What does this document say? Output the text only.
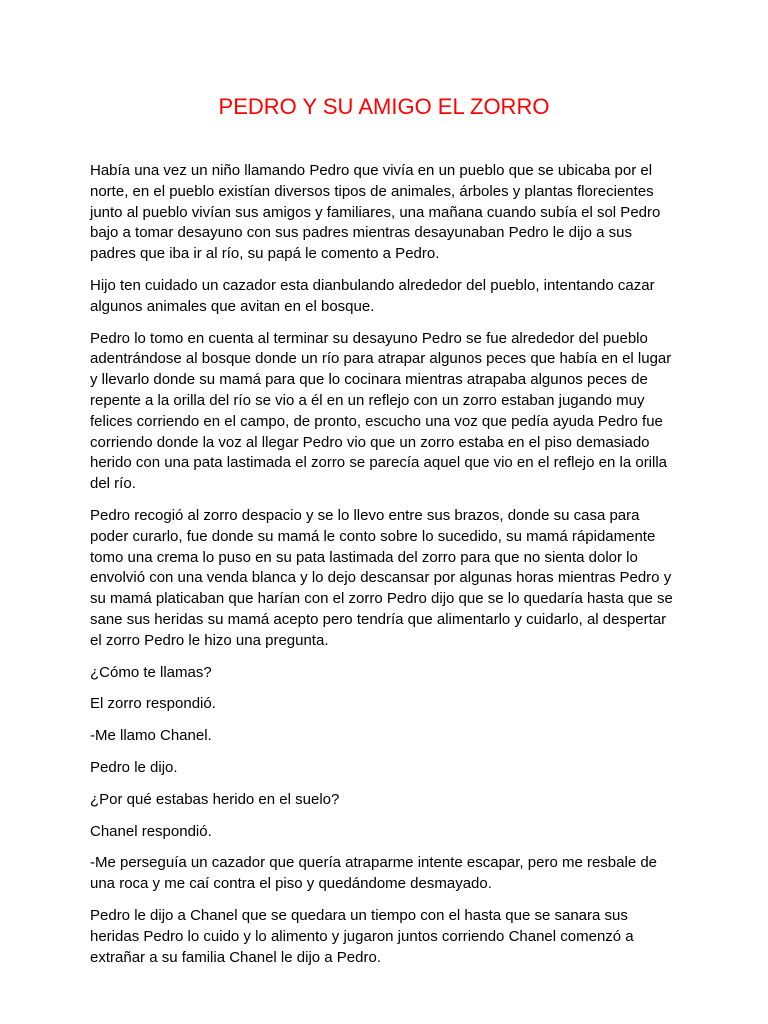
PEDRO Y SU AMIGO EL ZORRO

Había una vez un niño llamando Pedro que vivía en un pueblo que se ubicaba por el
norte, en el pueblo existían diversos tipos de animales, árboles y plantas florecientes
junto al pueblo vivían sus amigos y familiares, una mañana cuando subía el sol Pedro
bajo a tomar desayuno con sus padres mientras desayunaban Pedro le dijo a sus
padres que iba ir al río, su papá le comento a Pedro.

Hijo ten cuidado un cazador esta dianbulando alrededor del pueblo, intentando cazar
algunos animales que avitan en el bosque.

Pedro lo tomo en cuenta al terminar su desayuno Pedro se fue alrededor del pueblo
adentrándose al bosque donde un río para atrapar algunos peces que había en el lugar
y llevarlo donde su mamá para que lo cocinara mientras atrapaba algunos peces de
repente a la orilla del río se vio a él en un reflejo con un zorro estaban jugando muy
felices corriendo en el campo, de pronto, escucho una voz que pedía ayuda Pedro fue
corriendo donde la voz al llegar Pedro vio que un zorro estaba en el piso demasiado
herido con una pata lastimada el zorro se parecía aquel que vio en el reflejo en la orilla
del río.

Pedro recogió al zorro despacio y se lo llevo entre sus brazos, donde su casa para
poder curarlo, fue donde su mamá le conto sobre lo sucedido, su mamá rápidamente
tomo una crema lo puso en su pata lastimada del zorro para que no sienta dolor lo
envolvió con una venda blanca y lo dejo descansar por algunas horas mientras Pedro y
su mamá platicaban que harían con el zorro Pedro dijo que se lo quedaría hasta que se
sane sus heridas su mamá acepto pero tendría que alimentarlo y cuidarlo, al despertar
el zorro Pedro le hizo una pregunta.

¿Cómo te llamas?

El zorro respondió.

-Me llamo Chanel.

Pedro le dijo.

¿Por qué estabas herido en el suelo?

Chanel respondió.

-Me perseguía un cazador que quería atraparme intente escapar, pero me resbale de
una roca y me caí contra el piso y quedándome desmayado.

Pedro le dijo a Chanel que se quedara un tiempo con el hasta que se sanara sus
heridas Pedro lo cuido y lo alimento y jugaron juntos corriendo Chanel comenzó a
extrañar a su familia Chanel le dijo a Pedro.
